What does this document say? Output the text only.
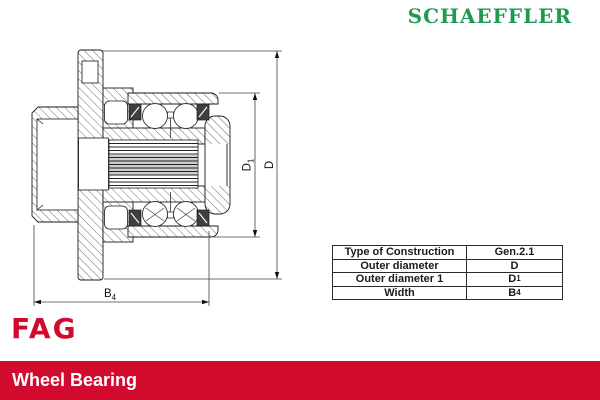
SCHAEFFLER
$B_4$
$D_1$ D
Type of Construction	Gen.2.1
Outer diameter	D
Outer diameter 1	D 1
Width	B 4
FAG
Wheel Bearing
